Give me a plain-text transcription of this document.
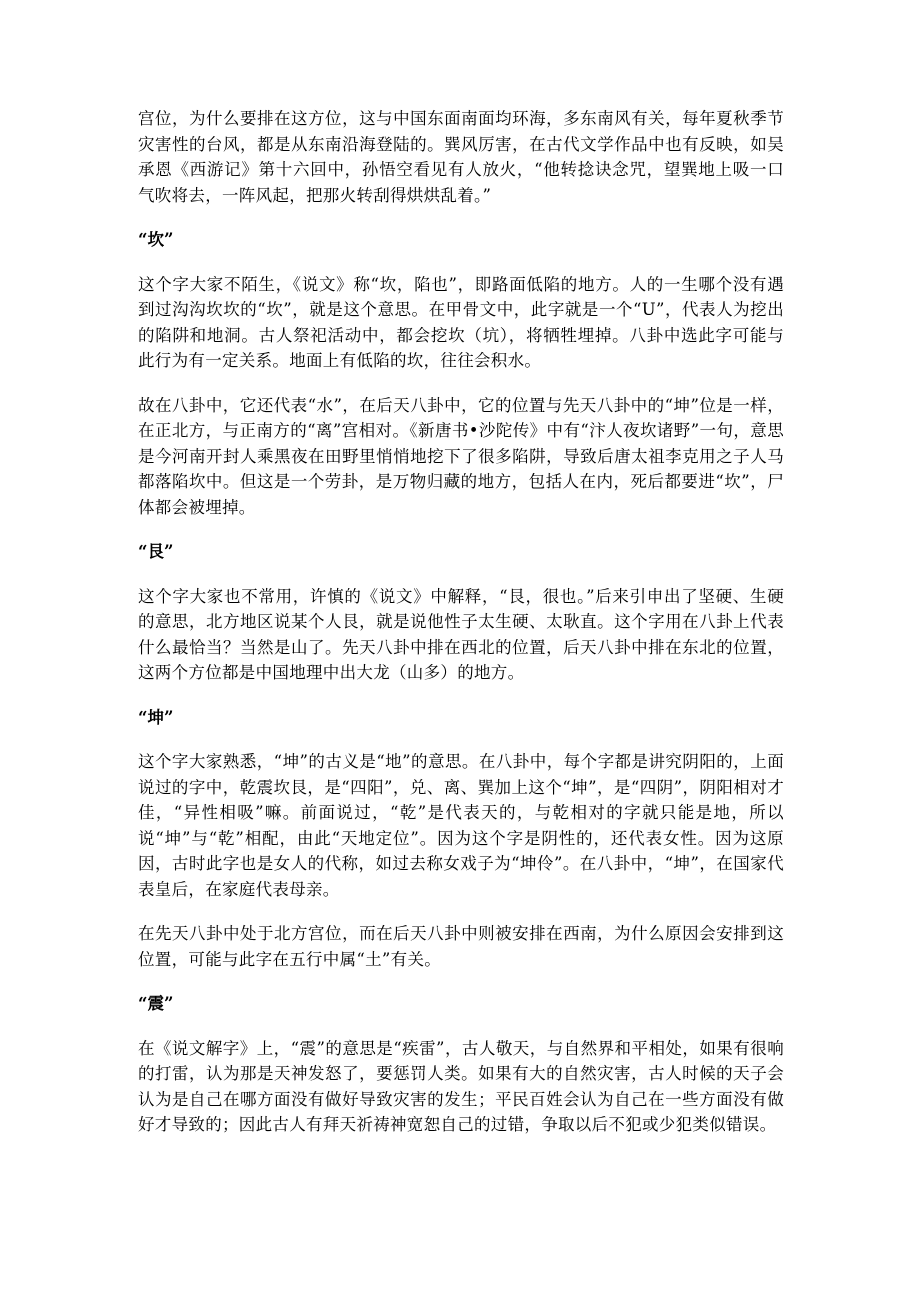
宫位，为什么要排在这方位，这与中国东面南面均环海，多东南风有关，每年夏秋季节灾害性的台风，都是从东南沿海登陆的。巽风厉害，在古代文学作品中也有反映，如吴承恩《西游记》第十六回中，孙悟空看见有人放火，“他转捻诀念咒，望巽地上吸一口气吹将去，一阵风起，把那火转刮得烘烘乱着。”

“坎”

这个字大家不陌生，《说文》称“坎，陷也”，即路面低陷的地方。人的一生哪个没有遇到过沟沟坎坎的“坎”，就是这个意思。在甲骨文中，此字就是一个“U”，代表人为挖出的陷阱和地洞。古人祭祀活动中，都会挖坎（坑），将牺牲埋掉。八卦中选此字可能与此行为有一定关系。地面上有低陷的坎，往往会积水。

故在八卦中，它还代表“水”，在后天八卦中，它的位置与先天八卦中的“坤”位是一样，在正北方，与正南方的“离”宫相对。《新唐书•沙陀传》中有“汴人夜坎诸野”一句，意思是今河南开封人乘黑夜在田野里悄悄地挖下了很多陷阱，导致后唐太祖李克用之子人马都落陷坎中。但这是一个劳卦，是万物归藏的地方，包括人在内，死后都要进“坎”，尸体都会被埋掉。

“艮”

这个字大家也不常用，许慎的《说文》中解释，“艮，很也。”后来引申出了坚硬、生硬的意思，北方地区说某个人艮，就是说他性子太生硬、太耿直。这个字用在八卦上代表什么最恰当？当然是山了。先天八卦中排在西北的位置，后天八卦中排在东北的位置，这两个方位都是中国地理中出大龙（山多）的地方。

“坤”

这个字大家熟悉，“坤”的古义是“地”的意思。在八卦中，每个字都是讲究阴阳的，上面说过的字中，乾震坎艮，是“四阳”，兑、离、巽加上这个“坤”，是“四阴”，阴阳相对才佳，“异性相吸”嘛。前面说过，“乾”是代表天的，与乾相对的字就只能是地，所以说“坤”与“乾”相配，由此“天地定位”。因为这个字是阴性的，还代表女性。因为这原因，古时此字也是女人的代称，如过去称女戏子为“坤伶”。在八卦中，“坤”，在国家代表皇后，在家庭代表母亲。

在先天八卦中处于北方宫位，而在后天八卦中则被安排在西南，为什么原因会安排到这位置，可能与此字在五行中属“土”有关。

“震”

在《说文解字》上，“震”的意思是“疾雷”，古人敬天，与自然界和平相处，如果有很响的打雷，认为那是天神发怒了，要惩罚人类。如果有大的自然灾害，古人时候的天子会认为是自己在哪方面没有做好导致灾害的发生；平民百姓会认为自己在一些方面没有做好才导致的；因此古人有拜天祈祷神宽恕自己的过错，争取以后不犯或少犯类似错误。
